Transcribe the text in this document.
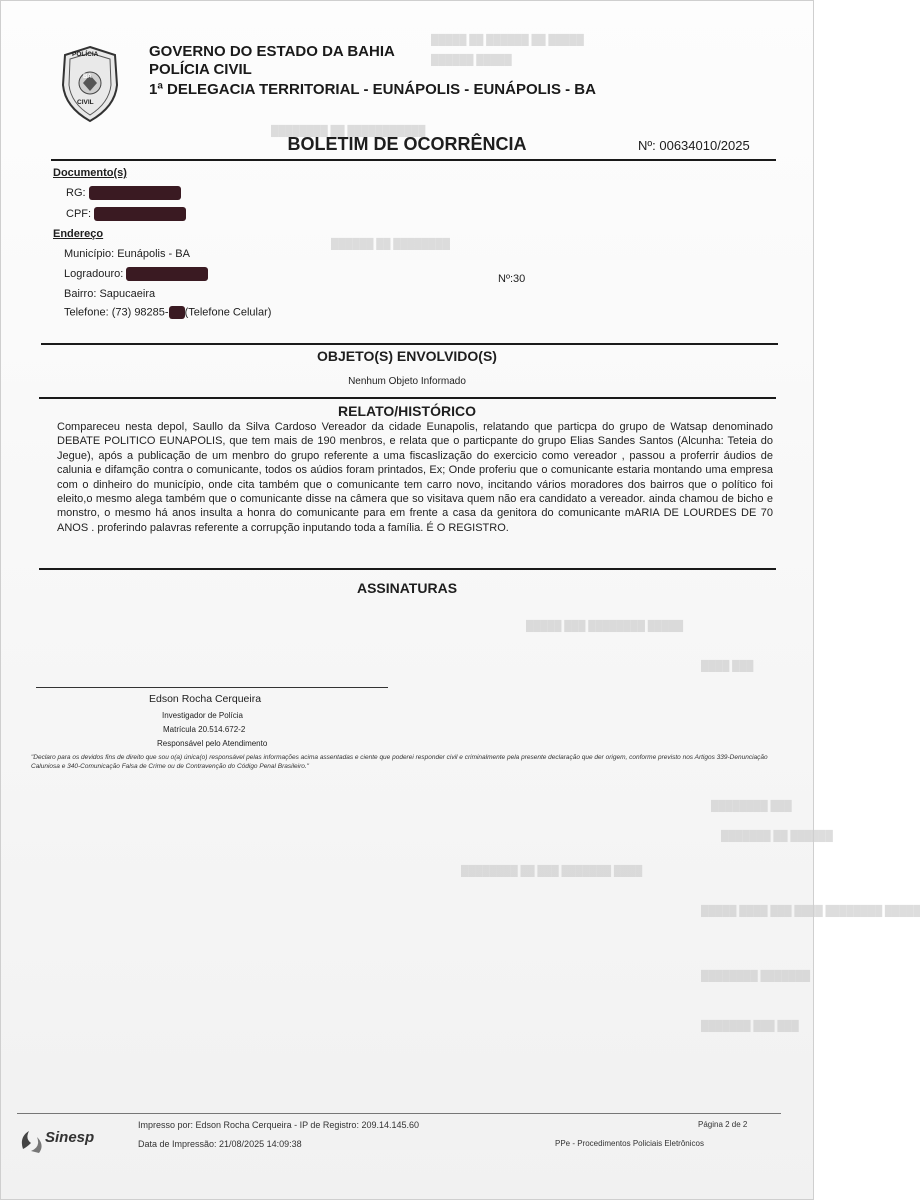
█████ ██ ██████ ██ █████
██████ █████
████████ ██ ███████████
██████ ██ ████████
█████ ███ ████████ █████
████ ███
████████ ███
███████ ██ ██████
████████ ██ ███ ███████ ████
█████ ████ ███ ████ ████████ █████
████████ ███████
███████ ███ ███
POLÍCIA
BA
CIVIL
GOVERNO DO ESTADO DA BAHIA
POLÍCIA CIVIL
1ª DELEGACIA TERRITORIAL - EUNÁPOLIS - EUNÁPOLIS - BA
BOLETIM DE OCORRÊNCIA	Nº: 00634010/2025
Documento(s)
RG:
CPF:
Endereço
Município: Eunápolis - BA
Logradouro:	Nº:30
Bairro: Sapucaeira
Telefone: (73) 98285- (Telefone Celular)
OBJETO(S) ENVOLVIDO(S)
Nenhum Objeto Informado
RELATO/HISTÓRICO
Compareceu nesta depol, Saullo da Silva Cardoso Vereador da cidade Eunapolis, relatando que particpa do grupo de Watsap denominado DEBATE POLITICO EUNAPOLIS, que tem mais de 190 menbros, e relata que o particpante do grupo Elias Sandes Santos (Alcunha: Teteia do Jegue), após a publicação de um menbro do grupo referente a uma fiscaslização do exercicio como vereador , passou a proferrir áudios de calunia e difamção contra o comunicante, todos os aúdios foram printados, Ex; Onde proferiu que o comunicante estaria montando uma empresa com o dinheiro do município, onde cita também que o comunicante tem carro novo, incitando vários moradores dos bairros que o político foi eleito,o mesmo alega também que o comunicante disse na câmera que so visitava quem não era candidato a vereador. ainda chamou de bicho e monstro, o mesmo há anos insulta a honra do comunicante para em frente a casa da genitora do comunicante mARIA DE LOURDES DE 70 ANOS . proferindo palavras referente a corrupção inputando toda a família. É O REGISTRO.
ASSINATURAS
Edson Rocha Cerqueira
Investigador de Polícia
Matrícula 20.514.672-2
Responsável pelo Atendimento
"Declaro para os devidos fins de direito que sou o(a) única(o) responsável pelas informações acima assentadas e ciente que poderei responder civil e criminalmente pela presente declaração que der origem, conforme previsto nos Artigos 339-Denunciação Caluniosa e 340-Comunicação Falsa de Crime ou de Contravenção do Código Penal Brasileiro."
Sinesp
Impresso por: Edson Rocha Cerqueira - IP de Registro: 209.14.145.60
Data de Impressão: 21/08/2025 14:09:38
Página 2 de 2
PPe - Procedimentos Policiais Eletrônicos
